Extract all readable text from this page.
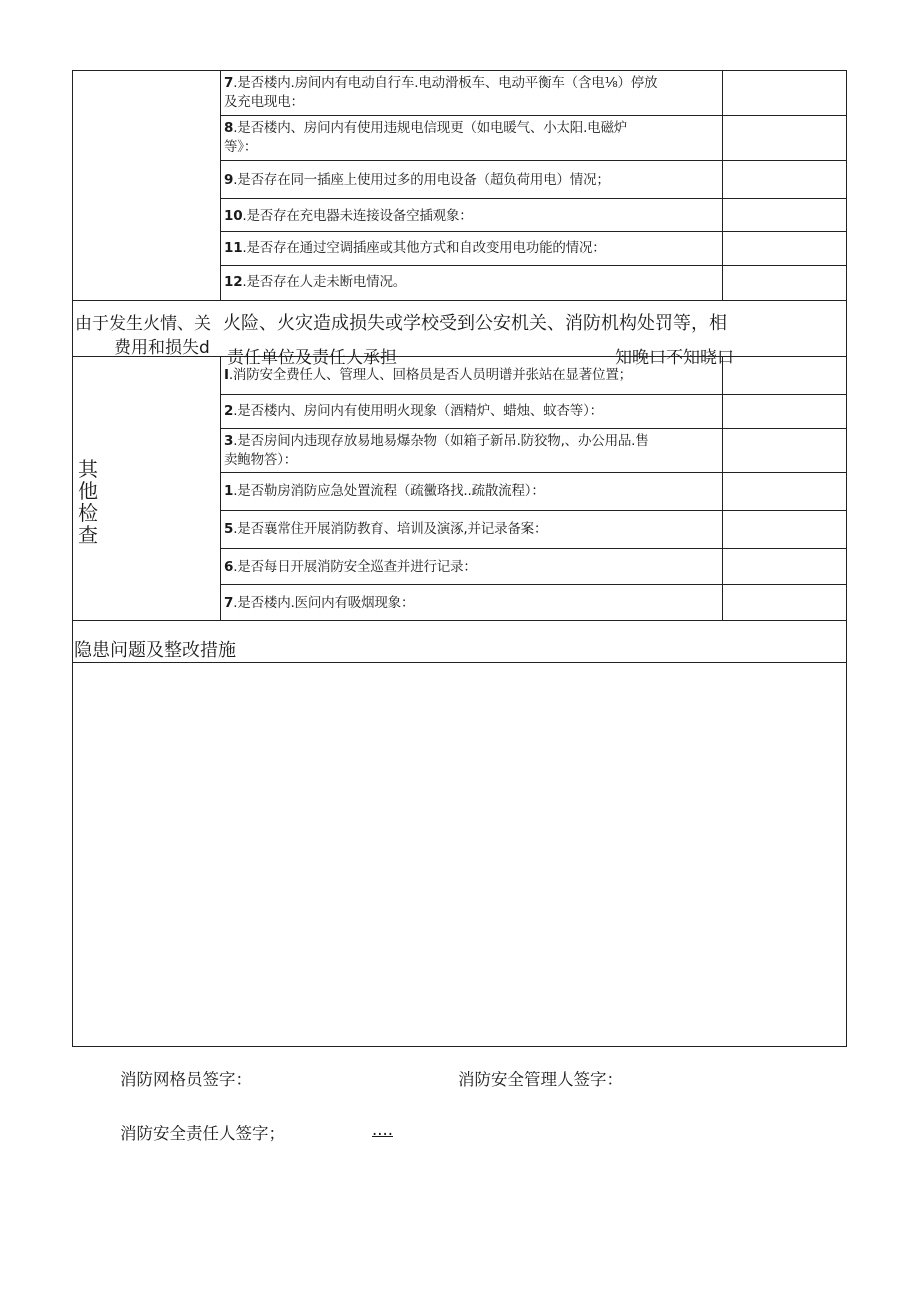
7.是否楼内.房间内有电动自行车.电动滑板车、电动平衡车（含电⅛）停放
及充电现电：
8.是否楼内、房问内有使用违规电信现更（如电暖气、小太阳.电磁炉
等》：
9.是否存在同一插座上使用过多的用电设备（超负荷用电）情况；
10.是否存在充电器未连接设备空插观象：
11.是否存在通过空调插座或其他方式和自改变用电功能的情况：
12.是否存在人走未断电情况。
由于发生火情、关
费用和损失d
火险、火灾造成损失或学校受到公安机关、消防机构处罚等，相
责任单位及责任人承担	知晚口不知晓口
其他检查
I.消防安全费任人、管理人、回格员是否人员明谱并张站在显著位置；
2.是否楼内、房问内有使用明火现象（酒精炉、蜡烛、蚊杏等）：
3.是否房间内违现存放易地易爆杂物（如箱子新吊.防狡物,、办公用品.售
卖鲍物答）：
1.是否勒房消防应急处置流程（疏黴珞找..疏散流程）：
5.是否襄常住开展消防教育、培训及演涿,并记录备案：
6.是否每日开展消防安全巡查并进行记录：
7.是否楼内.医问内有吸烟现象：
隐患问题及整改措施
消防网格员签字：	消防安全管理人签字：
消防安全责任人签字；	....
